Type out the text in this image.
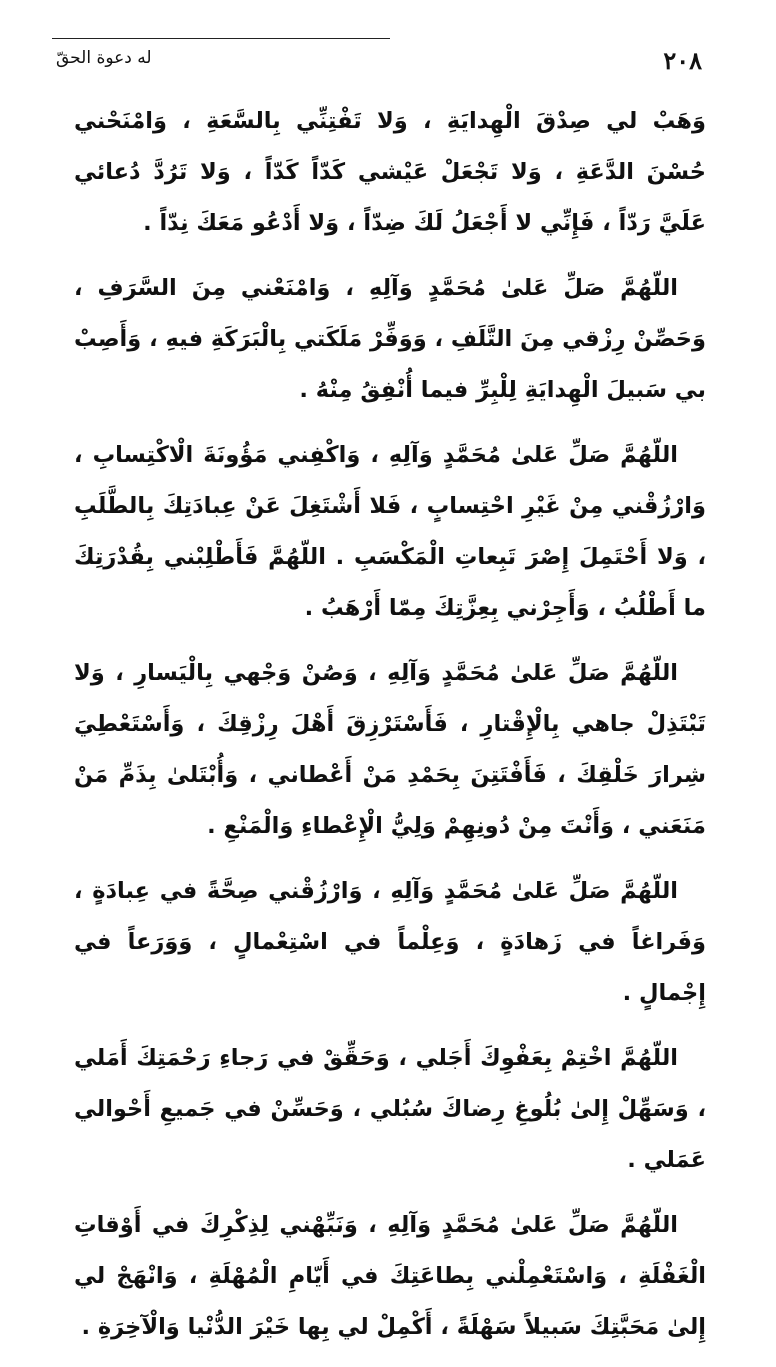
٢٠٨
له دعوة الحقّ

وَهَبْ لي صِدْقَ الْهِدايَةِ ، وَلا تَفْتِنِّي بِالسَّعَةِ ، وَامْنَحْني حُسْنَ الدَّعَةِ ، وَلا تَجْعَلْ عَيْشي كَدّاً كَدّاً ، وَلا تَرُدَّ دُعائي عَلَيَّ رَدّاً ، فَإِنِّي لا أَجْعَلُ لَكَ ضِدّاً ، وَلا أَدْعُو مَعَكَ نِدّاً .

اللّهُمَّ صَلِّ عَلىٰ مُحَمَّدٍ وَآلِهِ ، وَامْنَعْني مِنَ السَّرَفِ ، وَحَصِّنْ رِزْقي مِنَ التَّلَفِ ، وَوَفِّرْ مَلَكَتي بِالْبَرَكَةِ فيهِ ، وَأَصِبْ بي سَبيلَ الْهِدايَةِ لِلْبِرِّ فيما أُنْفِقُ مِنْهُ .

اللّهُمَّ صَلِّ عَلىٰ مُحَمَّدٍ وَآلِهِ ، وَاكْفِني مَؤُونَةَ الْاكْتِسابِ ، وَارْزُقْني مِنْ غَيْرِ احْتِسابٍ ، فَلا أَشْتَغِلَ عَنْ عِبادَتِكَ بِالطَّلَبِ ، وَلا أَحْتَمِلَ إِصْرَ تَبِعاتِ الْمَكْسَبِ . اللّهُمَّ فَأَطْلِبْني بِقُدْرَتِكَ ما أَطْلُبُ ، وَأَجِرْني بِعِزَّتِكَ مِمّا أَرْهَبُ .

اللّهُمَّ صَلِّ عَلىٰ مُحَمَّدٍ وَآلِهِ ، وَصُنْ وَجْهي بِالْيَسارِ ، وَلا تَبْتَذِلْ جاهي بِالْإِقْتارِ ، فَأَسْتَرْزِقَ أَهْلَ رِزْقِكَ ، وَأَسْتَعْطِيَ شِرارَ خَلْقِكَ ، فَأَفْتَتِنَ بِحَمْدِ مَنْ أَعْطاني ، وَأُبْتَلىٰ بِذَمِّ مَنْ مَنَعَني ، وَأَنْتَ مِنْ دُونِهِمْ وَلِيُّ الْإِعْطاءِ وَالْمَنْعِ .

اللّهُمَّ صَلِّ عَلىٰ مُحَمَّدٍ وَآلِهِ ، وَارْزُقْني صِحَّةً في عِبادَةٍ ، وَفَراغاً في زَهادَةٍ ، وَعِلْماً في اسْتِعْمالٍ ، وَوَرَعاً في إِجْمالٍ .

اللّهُمَّ اخْتِمْ بِعَفْوِكَ أَجَلي ، وَحَقِّقْ في رَجاءِ رَحْمَتِكَ أَمَلي ، وَسَهِّلْ إِلىٰ بُلُوغِ رِضاكَ سُبُلي ، وَحَسِّنْ في جَميعِ أَحْوالي عَمَلي .

اللّهُمَّ صَلِّ عَلىٰ مُحَمَّدٍ وَآلِهِ ، وَنَبِّهْني لِذِكْرِكَ في أَوْقاتِ الْغَفْلَةِ ، وَاسْتَعْمِلْني بِطاعَتِكَ في أَيّامِ الْمُهْلَةِ ، وَانْهَجْ لي إِلىٰ مَحَبَّتِكَ سَبيلاً سَهْلَةً ، أَكْمِلْ لي بِها خَيْرَ الدُّنْيا وَالْآخِرَةِ .
